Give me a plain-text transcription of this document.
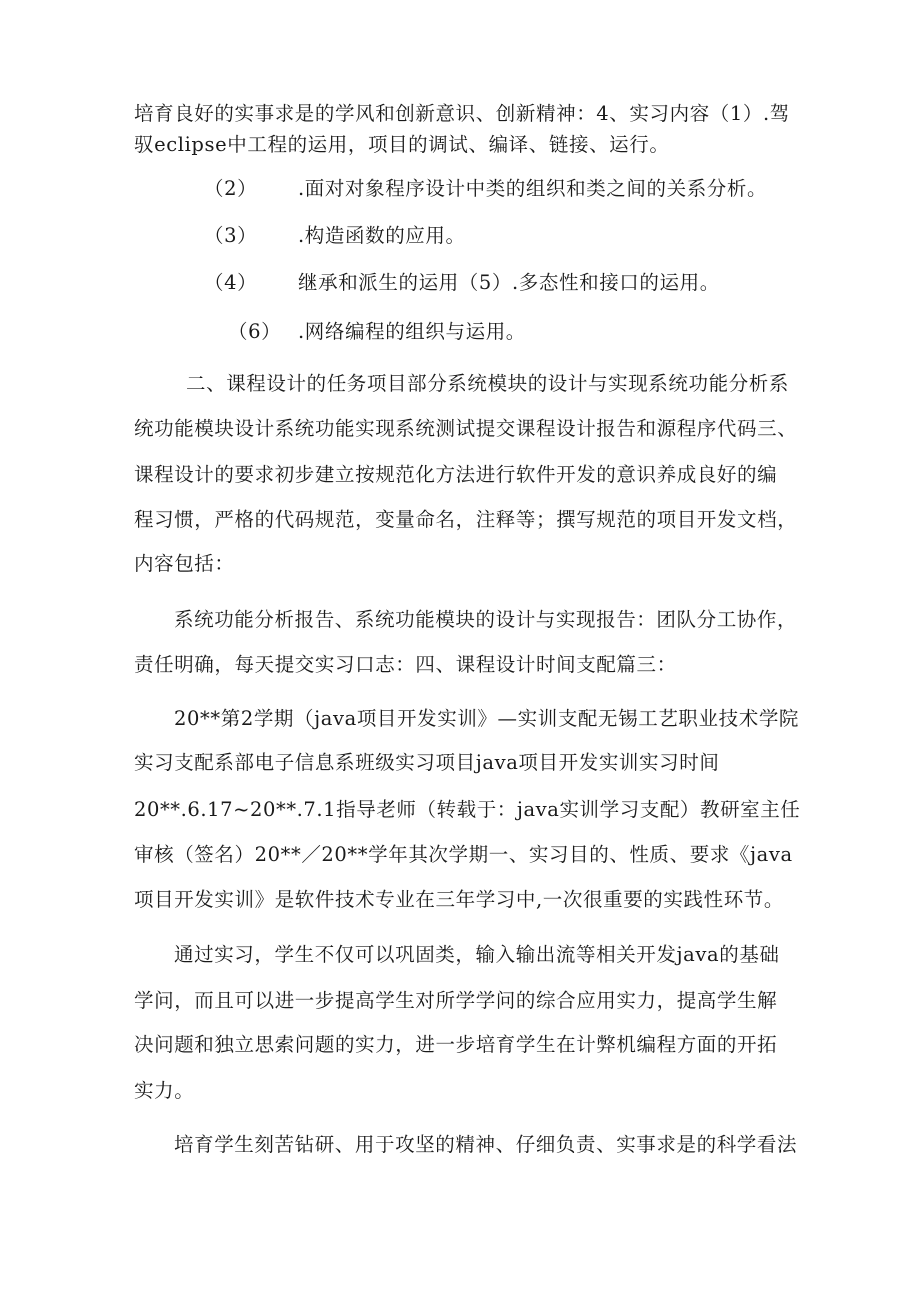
培育良好的实事求是的学风和创新意识、创新精神：4、实习内容（1）.驾
驭eclipse中工程的运用，项目的调试、编译、链接、运行。
（2） .面对对象程序设计中类的组织和类之间的关系分析。
（3） .构造函数的应用。
（4） 继承和派生的运用（5）.多态性和接口的运用。
（6） .网络编程的组织与运用。
二、课程设计的任务项目部分系统模块的设计与实现系统功能分析系
统功能模块设计系统功能实现系统测试提交课程设计报告和源程序代码三、
课程设计的要求初步建立按规范化方法进行软件开发的意识养成良好的编
程习惯，严格的代码规范，变量命名，注释等；撰写规范的项目开发文档，
内容包括：
系统功能分析报告、系统功能模块的设计与实现报告：团队分工协作，
责任明确，每天提交实习口志：四、课程设计时间支配篇三：
20**第2学期（java项目开发实训》—实训支配无锡工艺职业技术学院
实习支配系部电子信息系班级实习项目java项目开发实训实习时间
20**.6.17~20**.7.1指导老师（转载于：java实训学习支配）教研室主任
审核（签名）20**／20**学年其次学期一、实习目的、性质、要求《java
项目开发实训》是软件技术专业在三年学习中,一次很重要的实践性环节。
通过实习，学生不仅可以巩固类，输入输出流等相关开发java的基础
学问，而且可以进一步提高学生对所学学问的综合应用实力，提高学生解
决问题和独立思索问题的实力，进一步培育学生在计弊机编程方面的开拓
实力。
培育学生刻苦钻研、用于攻坚的精神、仔细负责、实事求是的科学看法
